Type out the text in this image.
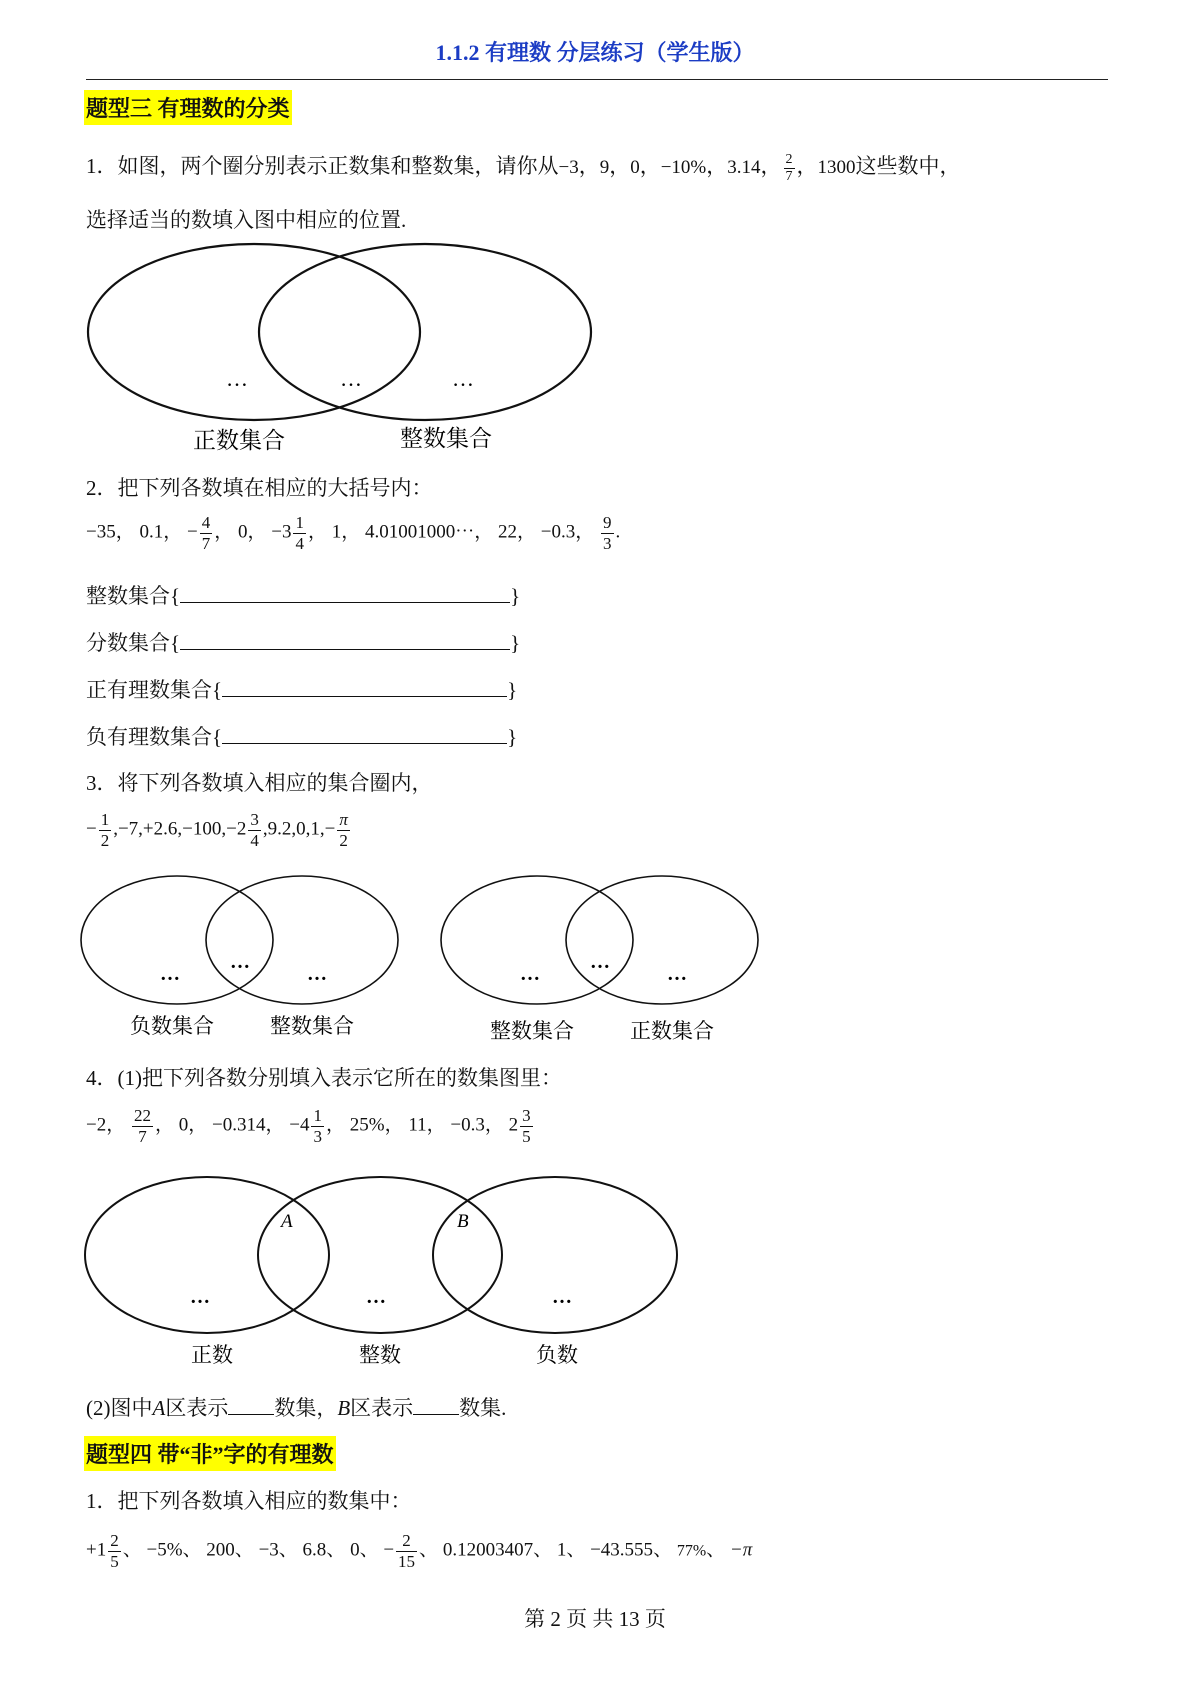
1.1.2 有理数 分层练习（学生版）
题型三 有理数的分类
1．如图，两个圈分别表示正数集和整数集，请你从−3，9，0，−10%，3.14， $\frac{2}{7}$ ，1300这些数中，
选择适当的数填入图中相应的位置.
…	…	…
正数集合	整数集合
2．把下列各数填在相应的大括号内：
−35， 0.1， − $\frac{4}{7}$ ， 0， $-3 \frac{1}{4}$ ， 1， 4.01001000⋯， 22， −0.3， $\frac{9}{3}$ .
整数集合{	}
分数集合{	}
正有理数集合{	}
负有理数集合{	}
3．将下列各数填入相应的集合圈内，
− $\frac{1}{2} ,-7,+2.6,-100,-2 \frac{3}{4} ,9.2,0,1,- \frac{\pi}{2}$
…
…
…
负数集合	整数集合
…
…
…
整数集合	正数集合
4．(1)把下列各数分别填入表示它所在的数集图里：
−2， $\frac{22}{7}$ ， 0， −0.314， $-4 \frac{1}{3}$ ， 25%， 11， −0.3， $2 \frac{3}{5}$
A	B
…	…	…
正数	整数	负数
(2)图中A区表示 数集，B区表示 数集.
题型四 带“非”字的有理数
1．把下列各数填入相应的数集中：
$+1 \frac{2}{5}$ 、 −5%、 200、 −3、 6.8、 0、 − $\frac{2}{15}$ 、 0.12003407、 1、 −43.555、 77%、 −π
第 2 页 共 13 页
